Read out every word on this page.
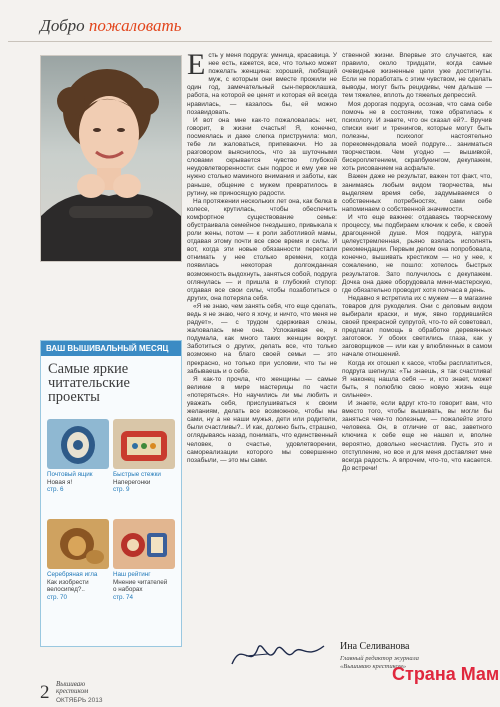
Добро пожаловать
ВАШ ВЫШИВАЛЬНЫЙ МЕСЯЦ
Самые яркие читательские проекты
Почтовый ящик
Новая я!
стр. 6
Быстрые стежки
Наперегонки
стр. 9
Серебряная игла
Как изобрести
велосипед?..
стр. 70
Наш рейтинг
Мнение читателей
о наборах
стр. 74

Есть у меня подруга: умница, красавица. У нее есть, кажется, все, что только может пожелать женщина: хороший, любящий муж, с которым они вместе прожили не один год, замечательный сын-первоклашка, работа, на которой ее ценят и которая ей всегда нравилась, — казалось бы, ей можно позавидовать.

И вот она мне как-то пожаловалась: нет, говорит, в жизни счастья! Я, конечно, посмеялась и даже слегка приструнила: мол, тебе ли жаловаться, припеваючи. Но за разговором выяснилось, что за шуточными словами скрывается чувство глубокой неудовлетворенности: сын подрос и ему уже не нужно столько маминого внимания и заботы, как раньше, общение с мужем превратилось в рутину, не приносящую радости.

На протяжении нескольких лет она, как белка в колесе, крутилась, чтобы обеспечить комфортное существование семье: обустраивала семейное гнездышко, привыкала к роли жены, потом — к роли заботливой мамы, отдавая этому почти все свое время и силы. И вот, когда эти новые обязанности перестали отнимать у нее столько времени, когда появилась некоторая долгожданная возможность выдохнуть, заняться собой, подруга оглянулась — и пришла в глубокий ступор: отдавая все свои силы, чтобы позаботиться о других, она потеряла себя.

«Я не знаю, чем занять себя, что еще сделать, ведь я не знаю, чего я хочу, и ничто, что меня не радует», — с трудом сдерживая слезы, жаловалась мне она. Успокаивая ее, я подумала, как много таких женщин вокруг. Заботиться о других, делать все, что только возможно на благо своей семьи — это прекрасно, но только при условии, что ты не забываешь и о себе.

Я как-то прочла, что женщины — самые великие в мире мастерицы по части «потеряться». Но научились ли мы любить и уважать себя, прислушиваться к своим желаниям, делать все возможное, чтобы мы сами, ну а не наши мужья, дети или родители, были счастливы?.. И как, должно быть, страшно, оглядываясь назад, понимать, что единственный человек, о счастье, удовлетворении, самореализации которого мы совершенно позабыли, — это мы сами.

ственной жизни. Впервые это случается, как правило, около тридцати, когда самые очевидные жизненные цели уже достигнуты. Если не поработать с этим чувством, не сделать выводы, могут быть рецидивы, чем дальше — тем тяжелее, вплоть до тяжелых депрессий.

Моя дорогая подруга, осознав, что сама себе помочь не в состоянии, тоже обратилась к психологу. И знаете, что он сказал ей?.. Вручив списки книг и тренингов, которые могут быть полезны, психолог настоятельно порекомендовала моей подруге… заниматься творчеством. Чем угодно — вышивкой, бисероплетением, скрапбукингом, декупажем, хоть рисованием на асфальте.

Важен даже не результат, важен тот факт, что, занимаясь любым видом творчества, мы выделяем время себе, задумываемся о собственных потребностях, сами себе напоминаем о собственной значимости.

И что еще важнее: отдаваясь творческому процессу, мы подбираем ключик к себе, к своей драгоценной душе. Моя подруга, натура целеустремленная, рьяно взялась исполнять рекомендации. Первым делом она попробовала, конечно, вышивать крестиком — но у нее, к сожалению, не пошло: хотелось быстрых результатов. Зато получилось с декупажем. Дочка она даже оборудовала мини-мастерскую, где обязательно проводит хотя полчаса в день.

Недавно я встретила их с мужем — в магазине товаров для рукоделия. Они с деловым видом выбирали краски, и муж, явно гордившийся своей прекрасной супругой, что-то ей советовал, предлагал помощь в обработке деревянных заготовок. У обоих светились глаза, как у заговорщиков — или как у влюбленных в самом начале отношений.

Когда их отошел к кассе, чтобы расплатиться, подруга шепнула: «Ты знаешь, я так счастлива! Я наконец нашла себя — и, кто знает, может быть, я полюблю свою новую жизнь еще сильнее».

И знаете, если вдруг кто-то говорит вам, что вместо того, чтобы вышивать, вы могли бы заняться чем-то полезным, — пожалейте этого человека. Он, в отличие от вас, заветного ключика к себе еще не нашел и, вполне вероятно, довольно несчастлив. Пусть это и отступление, но все и для меня доставляет мне всегда радость. А впрочем, что-то, что касается. До встречи!

Ина Селиванова
Главный редактор журнала
«Вышиваю крестиком»
2 Вышиваю
крестиком
ОКТЯБРЬ 2013
Страна Мам
